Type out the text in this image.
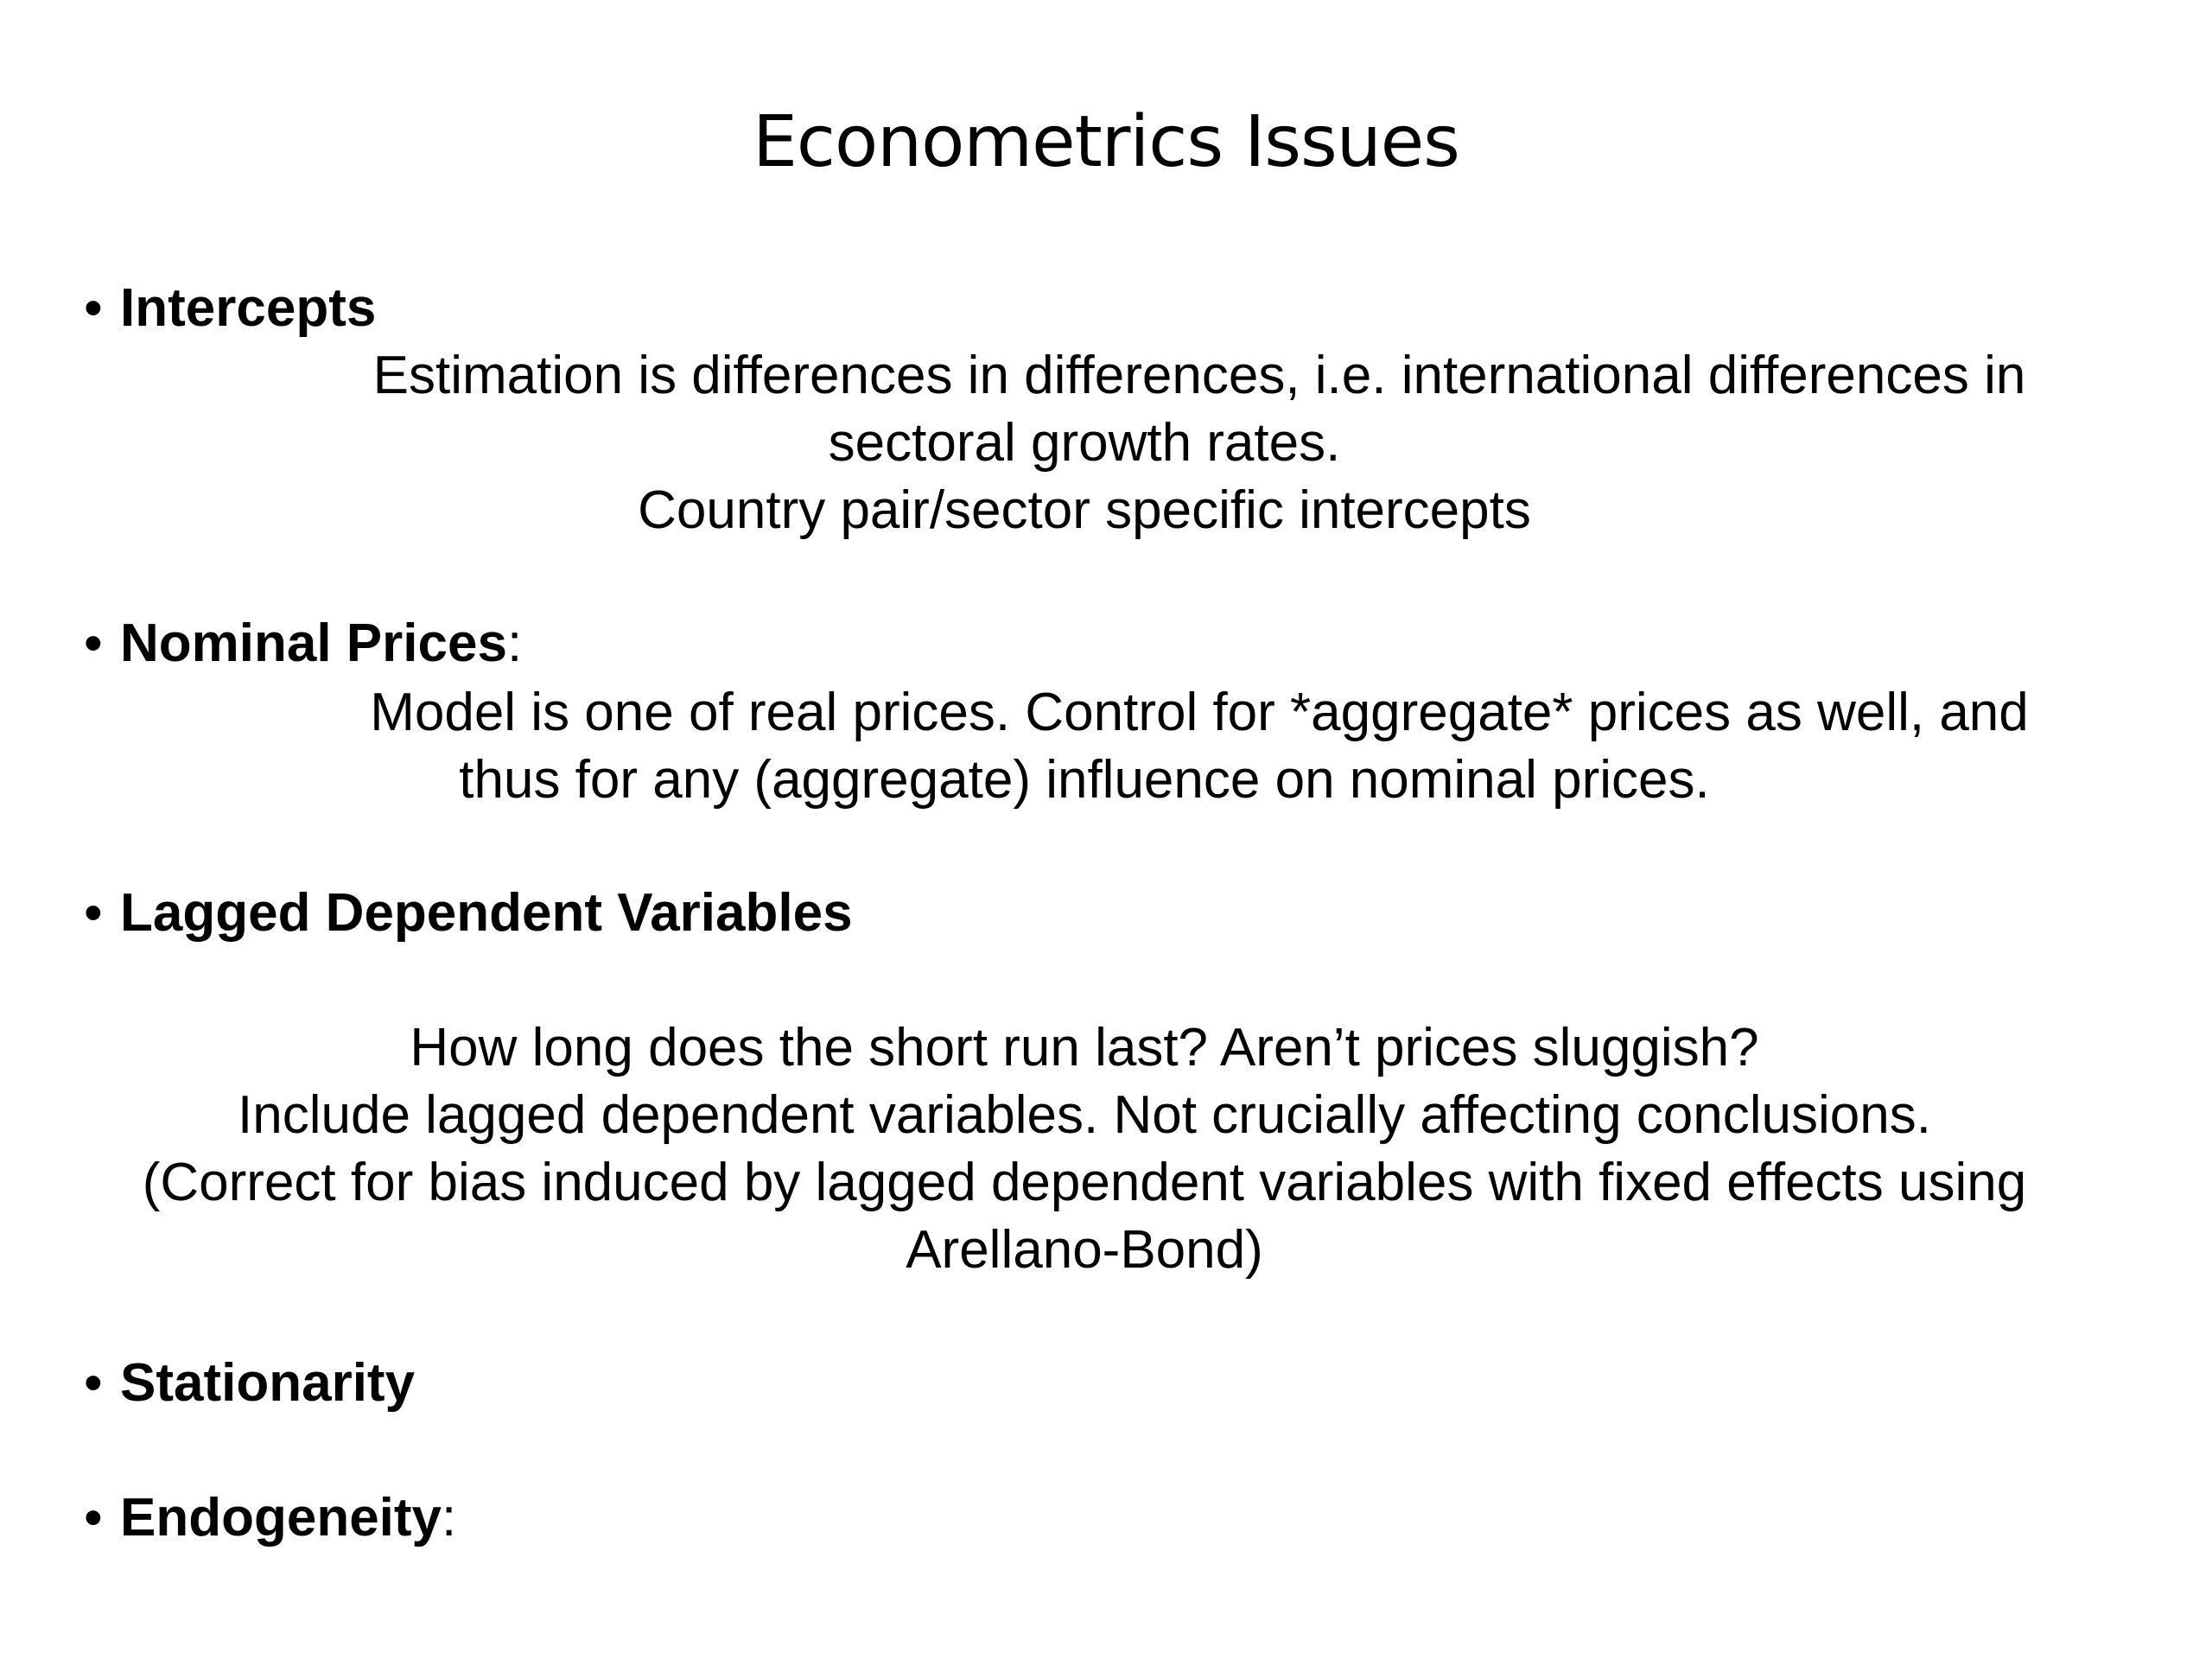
Econometrics Issues
• Intercepts
Estimation is differences in differences, i.e. international differences in
sectoral growth rates.
Country pair/sector specific intercepts
• Nominal Prices:
Model is one of real prices. Control for *aggregate* prices as well, and
thus for any (aggregate) influence on nominal prices.
• Lagged Dependent Variables
How long does the short run last? Aren’t prices sluggish?
Include lagged dependent variables. Not crucially affecting conclusions.
(Correct for bias induced by lagged dependent variables with fixed effects using
Arellano-Bond)
• Stationarity
• Endogeneity:
